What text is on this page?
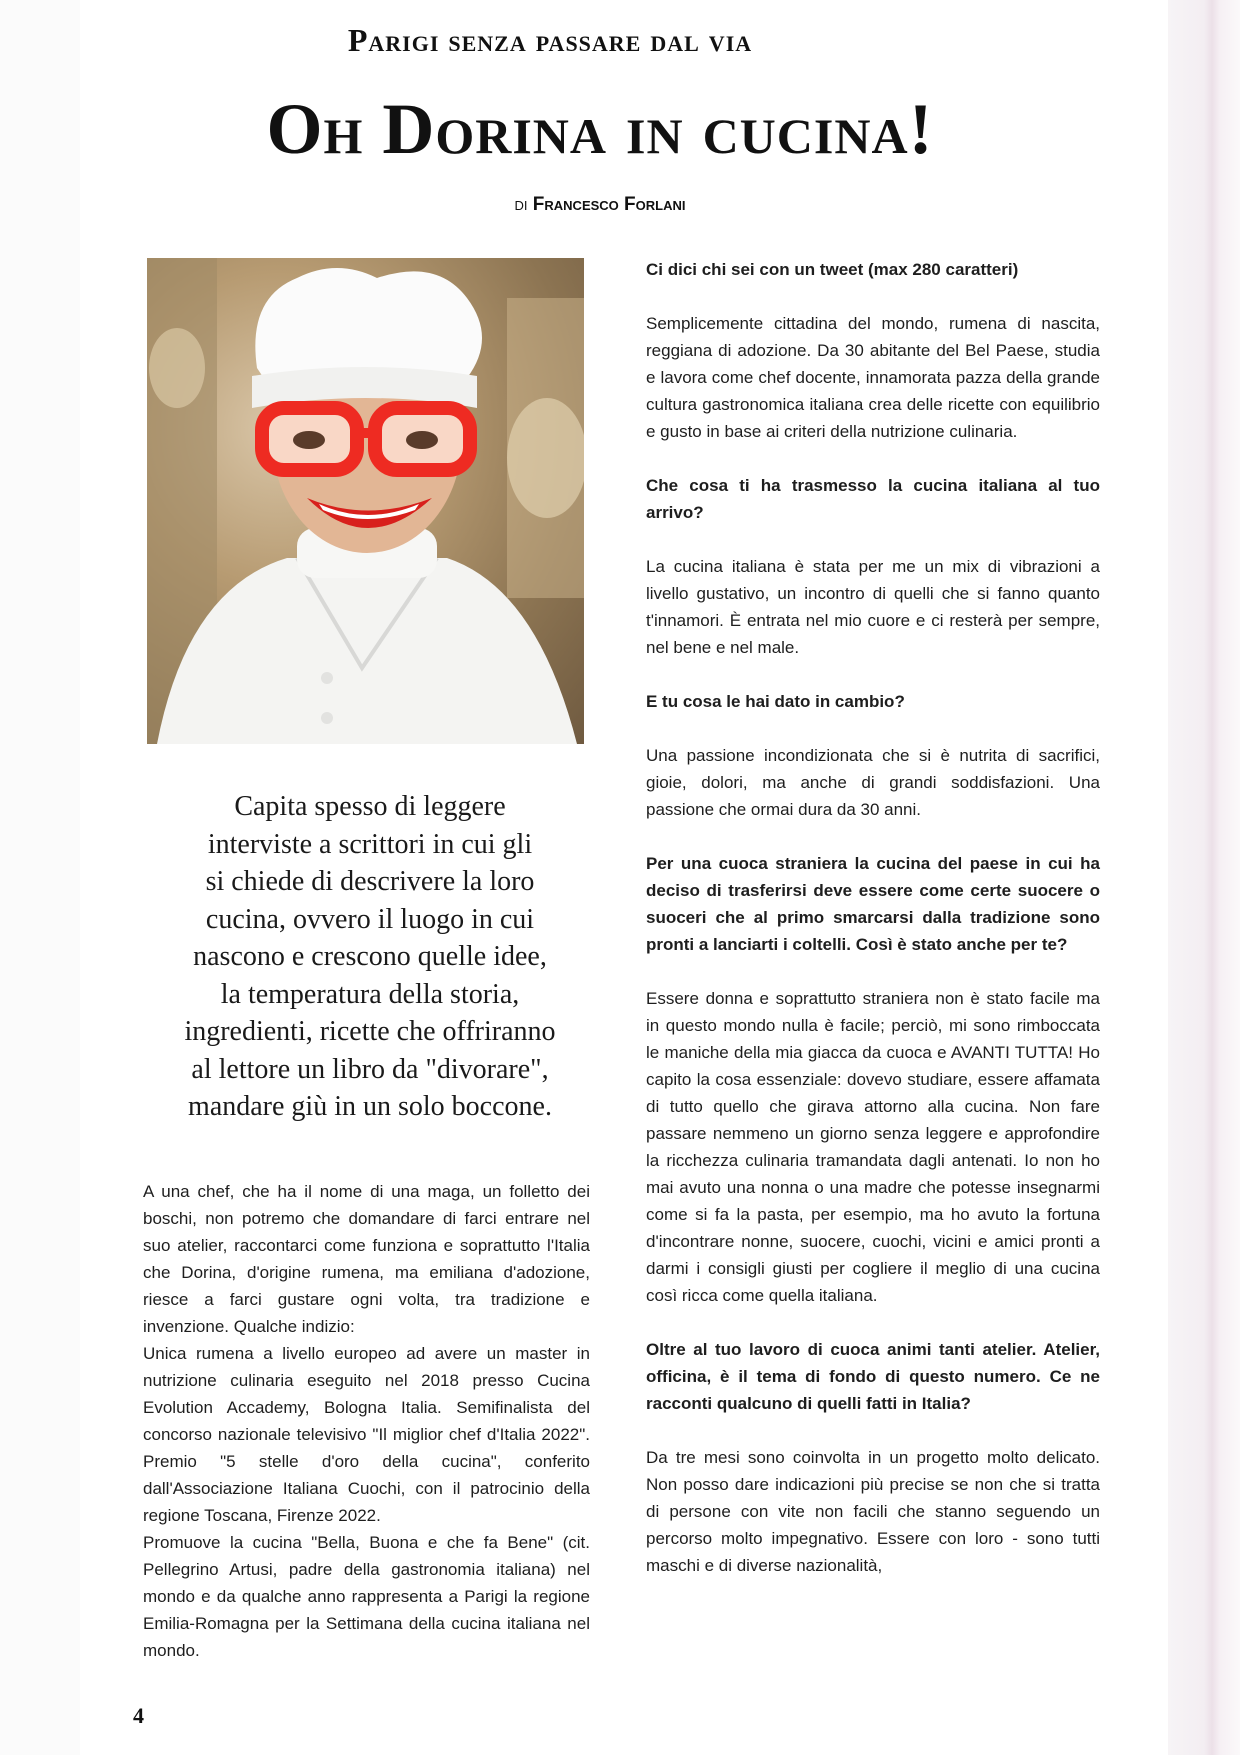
Parigi senza passare dal via
Oh Dorina in cucina!
di Francesco Forlani
Capita spesso di leggere
interviste a scrittori in cui gli
si chiede di descrivere la loro
cucina, ovvero il luogo in cui
nascono e crescono quelle idee,
la temperatura della storia,
ingredienti, ricette che offriranno
al lettore un libro da "divorare",
mandare giù in un solo boccone.

A una chef, che ha il nome di una maga, un folletto dei boschi, non potremo che domandare di farci entrare nel suo atelier, raccontarci come funziona e soprattutto l'Italia che Dorina, d'origine rumena, ma emiliana d'adozione, riesce a farci gustare ogni volta, tra tradizione e invenzione. Qualche indizio:

Unica rumena a livello europeo ad avere un master in nutrizione culinaria eseguito nel 2018 presso Cucina Evolution Accademy, Bologna Italia. Semifinalista del concorso nazionale televisivo "Il miglior chef d'Italia 2022". Premio "5 stelle d'oro della cucina", conferito dall'Associazione Italiana Cuochi, con il patrocinio della regione Toscana, Firenze 2022.

Promuove la cucina "Bella, Buona e che fa Bene" (cit. Pellegrino Artusi, padre della gastronomia italiana) nel mondo e da qualche anno rappresenta a Parigi la regione Emilia-Romagna per la Settimana della cucina italiana nel mondo.

Ci dici chi sei con un tweet (max 280 caratteri)

Semplicemente cittadina del mondo, rumena di nascita, reggiana di adozione. Da 30 abitante del Bel Paese, studia e lavora come chef docente, innamorata pazza della grande cultura gastronomica italiana crea delle ricette con equilibrio e gusto in base ai criteri della nutrizione culinaria.

Che cosa ti ha trasmesso la cucina italiana al tuo arrivo?

La cucina italiana è stata per me un mix di vibrazioni a livello gustativo, un incontro di quelli che si fanno quanto t'innamori. È entrata nel mio cuore e ci resterà per sempre, nel bene e nel male.

E tu cosa le hai dato in cambio?

Una passione incondizionata che si è nutrita di sacrifici, gioie, dolori, ma anche di grandi soddisfazioni. Una passione che ormai dura da 30 anni.

Per una cuoca straniera la cucina del paese in cui ha deciso di trasferirsi deve essere come certe suocere o suoceri che al primo smarcarsi dalla tradizione sono pronti a lanciarti i coltelli. Così è stato anche per te?

Essere donna e soprattutto straniera non è stato facile ma in questo mondo nulla è facile; perciò, mi sono rimboccata le maniche della mia giacca da cuoca e AVANTI TUTTA! Ho capito la cosa essenziale: dovevo studiare, essere affamata di tutto quello che girava attorno alla cucina. Non fare passare nemmeno un giorno senza leggere e approfondire la ricchezza culinaria tramandata dagli antenati. Io non ho mai avuto una nonna o una madre che potesse insegnarmi come si fa la pasta, per esempio, ma ho avuto la fortuna d'incontrare nonne, suocere, cuochi, vicini e amici pronti a darmi i consigli giusti per cogliere il meglio di una cucina così ricca come quella italiana.

Oltre al tuo lavoro di cuoca animi tanti atelier. Atelier, officina, è il tema di fondo di questo numero. Ce ne racconti qualcuno di quelli fatti in Italia?

Da tre mesi sono coinvolta in un progetto molto delicato. Non posso dare indicazioni più precise se non che si tratta di persone con vite non facili che stanno seguendo un percorso molto impegnativo. Essere con loro - sono tutti maschi e di diverse nazionalità,

4
